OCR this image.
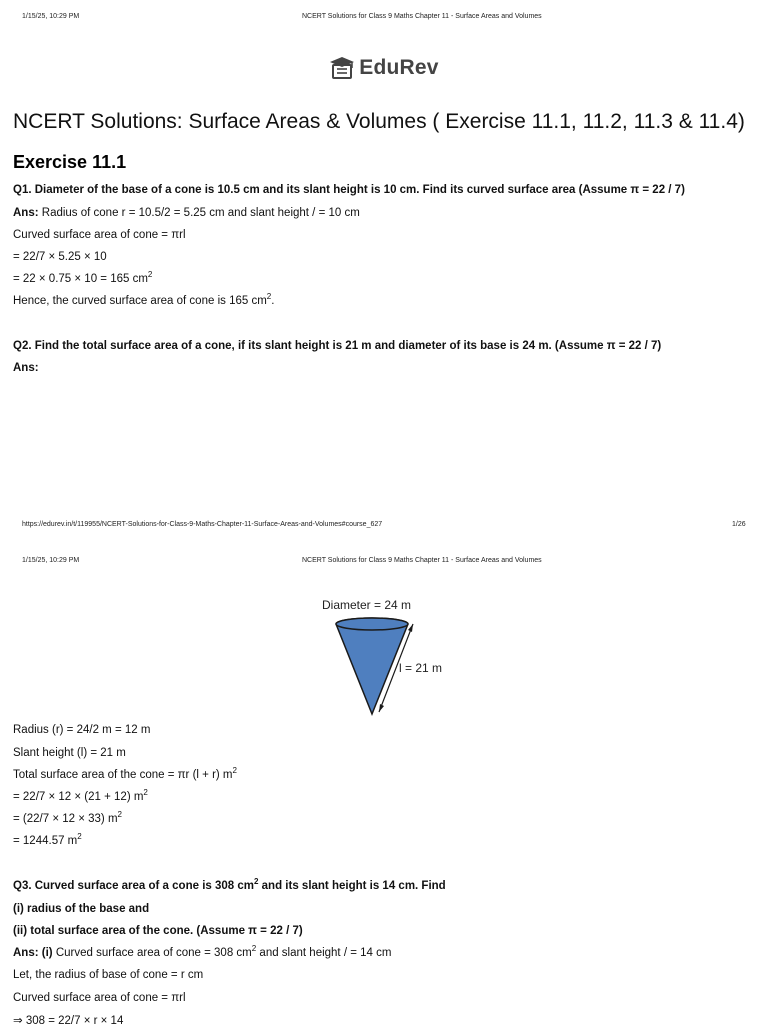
1/15/25, 10:29 PM	NCERT Solutions for Class 9 Maths Chapter 11 - Surface Areas and Volumes
EduRev
NCERT Solutions: Surface Areas & Volumes ( Exercise 11.1, 11.2, 11.3 & 11.4)
Exercise 11.1
Q1. Diameter of the base of a cone is 10.5 cm and its slant height is 10 cm. Find its curved surface area (Assume π = 22 / 7)
Ans: Radius of cone r = 10.5/2 = 5.25 cm and slant height / = 10 cm
Curved surface area of cone = πrl
= 22/7 × 5.25 × 10
= 22 × 0.75 × 10 = 165 $cm^2$
Hence, the curved surface area of cone is 165 $cm^2$.
Q2. Find the total surface area of a cone, if its slant height is 21 m and diameter of its base is 24 m. (Assume π = 22 / 7)
Ans:
https://edurev.in/t/119955/NCERT-Solutions-for-Class-9-Maths-Chapter-11-Surface-Areas-and-Volumes#course_627	1/26
1/15/25, 10:29 PM	NCERT Solutions for Class 9 Maths Chapter 11 - Surface Areas and Volumes
Diameter = 24 m
l = 21 m
Radius (r) = 24/2 m = 12 m
Slant height (l) = 21 m
Total surface area of the cone = πr (l + r) $m^2$
= 22/7 × 12 × (21 + 12) $m^2$
= (22/7 × 12 × 33) $m^2$
= 1244.57 $m^2$
Q3. Curved surface area of a cone is 308 $cm^2$ and its slant height is 14 cm. Find
(i) radius of the base and
(ii) total surface area of the cone. (Assume π = 22 / 7)
Ans: (i) Curved surface area of cone = 308 $cm^2$ and slant height / = 14 cm
Let, the radius of base of cone = r cm
Curved surface area of cone = πrl
⇒ 308 = 22/7 × r × 14
